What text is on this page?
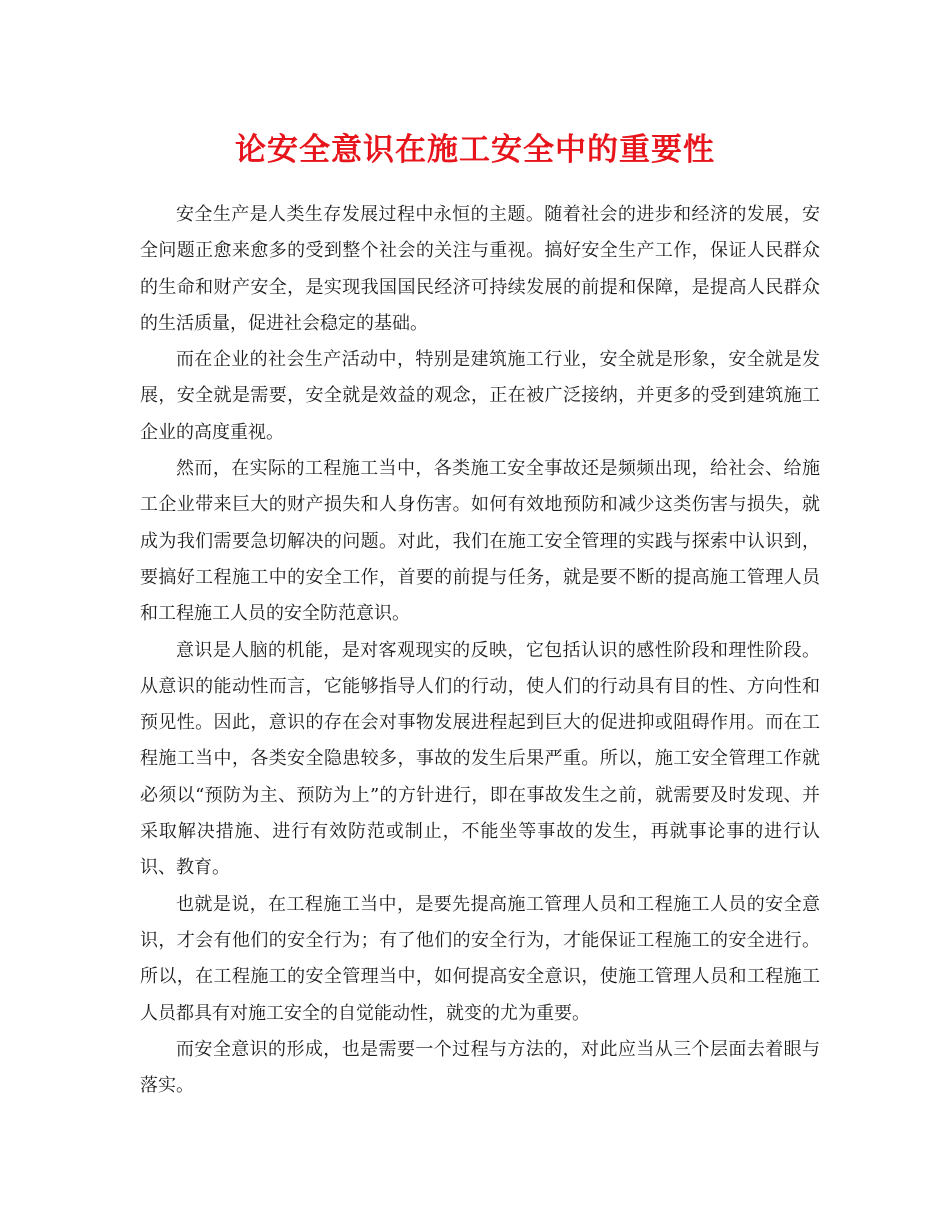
论安全意识在施工安全中的重要性

安全生产是人类生存发展过程中永恒的主题。随着社会的进步和经济的发展，安全问题正愈来愈多的受到整个社会的关注与重视。搞好安全生产工作，保证人民群众的生命和财产安全，是实现我国国民经济可持续发展的前提和保障，是提高人民群众的生活质量，促进社会稳定的基础。

而在企业的社会生产活动中，特别是建筑施工行业，安全就是形象，安全就是发展，安全就是需要，安全就是效益的观念，正在被广泛接纳，并更多的受到建筑施工企业的高度重视。

然而，在实际的工程施工当中，各类施工安全事故还是频频出现，给社会、给施工企业带来巨大的财产损失和人身伤害。如何有效地预防和减少这类伤害与损失，就成为我们需要急切解决的问题。对此，我们在施工安全管理的实践与探索中认识到，要搞好工程施工中的安全工作，首要的前提与任务，就是要不断的提高施工管理人员和工程施工人员的安全防范意识。

意识是人脑的机能，是对客观现实的反映，它包括认识的感性阶段和理性阶段。从意识的能动性而言，它能够指导人们的行动，使人们的行动具有目的性、方向性和预见性。因此，意识的存在会对事物发展进程起到巨大的促进抑或阻碍作用。而在工程施工当中，各类安全隐患较多，事故的发生后果严重。所以，施工安全管理工作就必须以“预防为主、预防为上”的方针进行，即在事故发生之前，就需要及时发现、并采取解决措施、进行有效防范或制止，不能坐等事故的发生，再就事论事的进行认识、教育。

也就是说，在工程施工当中，是要先提高施工管理人员和工程施工人员的安全意识，才会有他们的安全行为；有了他们的安全行为，才能保证工程施工的安全进行。所以，在工程施工的安全管理当中，如何提高安全意识，使施工管理人员和工程施工人员都具有对施工安全的自觉能动性，就变的尤为重要。

而安全意识的形成，也是需要一个过程与方法的，对此应当从三个层面去着眼与落实。
